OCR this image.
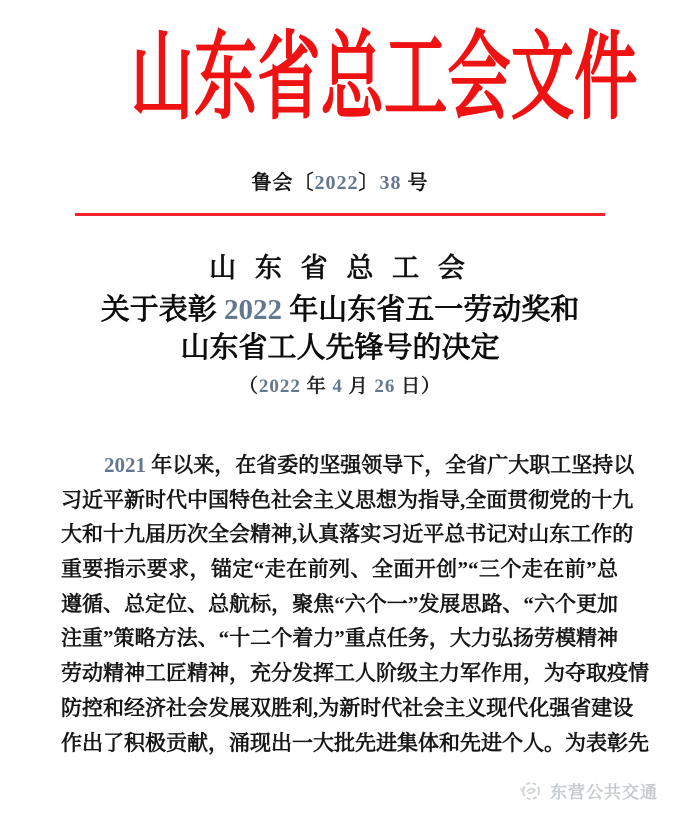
山东省总工会文件
鲁会〔2022〕38 号
山 东 省 总 工 会
关于表彰 2022 年山东省五一劳动奖和
山东省工人先锋号的决定
（2022 年 4 月 26 日）
2021 年以来，在省委的坚强领导下，全省广大职工坚持以
习近平新时代中国特色社会主义思想为指导,全面贯彻党的十九
大和十九届历次全会精神,认真落实习近平总书记对山东工作的
重要指示要求，锚定“走在前列、全面开创”“三个走在前”总
遵循、总定位、总航标，聚焦“六个一”发展思路、“六个更加
注重”策略方法、“十二个着力”重点任务，大力弘扬劳模精神
劳动精神工匠精神，充分发挥工人阶级主力军作用，为夺取疫情
防控和经济社会发展双胜利,为新时代社会主义现代化强省建设
作出了积极贡献，涌现出一大批先进集体和先进个人。为表彰先
东营公共交通
